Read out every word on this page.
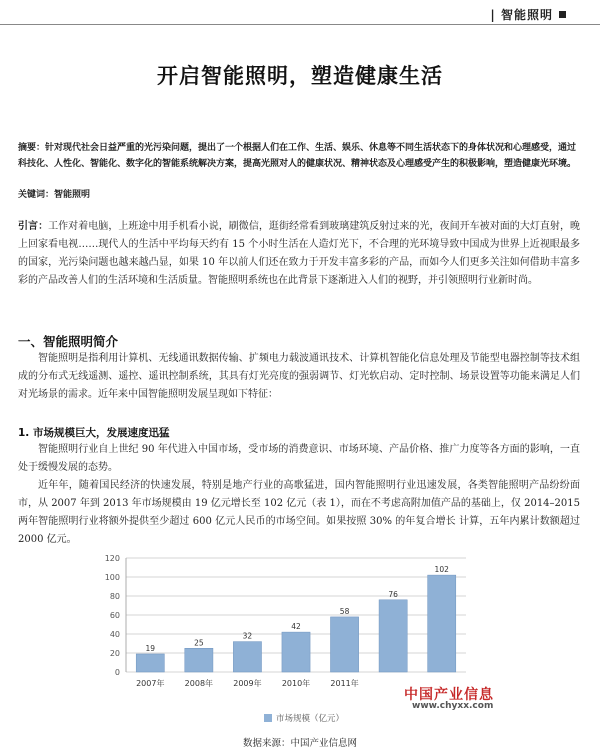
| 智能照明
开启智能照明，塑造健康生活

摘要：针对现代社会日益严重的光污染问题，提出了一个根据人们在工作、生活、娱乐、休息等不同生活状态下的身体状况和心理感受，通过科技化、人性化、智能化、数字化的智能系统解决方案，提高光照对人的健康状况、精神状态及心理感受产生的积极影响，塑造健康光环境。

关键词：智能照明

引言：工作对着电脑，上班途中用手机看小说，刷微信，逛街经常看到玻璃建筑反射过来的光，夜间开车被对面的大灯直射，晚上回家看电视……现代人的生活中平均每天约有 15 个小时生活在人造灯光下，不合理的光环境导致中国成为世界上近视眼最多的国家，光污染问题也越来越凸显，如果 10 年以前人们还在致力于开发丰富多彩的产品，而如今人们更多关注如何借助丰富多彩的产品改善人们的生活环境和生活质量。智能照明系统也在此背景下逐渐进入人们的视野，并引领照明行业新时尚。

一、智能照明简介

智能照明是指利用计算机、无线通讯数据传输、扩频电力载波通讯技术、计算机智能化信息处理及节能型电器控制等技术组成的分布式无线遥测、遥控、遥讯控制系统，其具有灯光亮度的强弱调节、灯光软启动、定时控制、场景设置等功能来满足人们对光场景的需求。近年来中国智能照明发展呈现如下特征：

1. 市场规模巨大，发展速度迅猛

智能照明行业自上世纪 90 年代进入中国市场，受市场的消费意识、市场环境、产品价格、推广力度等各方面的影响，一直处于缓慢发展的态势。

近年年，随着国民经济的快速发展，特别是地产行业的高歌猛进，国内智能照明行业迅速发展，各类智能照明产品纷纷面市，从 2007 年到 2013 年市场规模由 19 亿元增长至 102 亿元（表 1），而在不考虑高附加值产品的基础上，仅 2014–2015 两年智能照明行业将额外提供至少超过 600 亿元人民币的市场空间。如果按照 30% 的年复合增长 计算，五年内累计数额超过 2000 亿元。

0
20
40
60
80
100
120
19
2007年
25
2008年
32
2009年
42
2010年
58
2011年
76
102
中国产业信息
www.chyxx.com
市场规模（亿元）
数据来源：中国产业信息网
